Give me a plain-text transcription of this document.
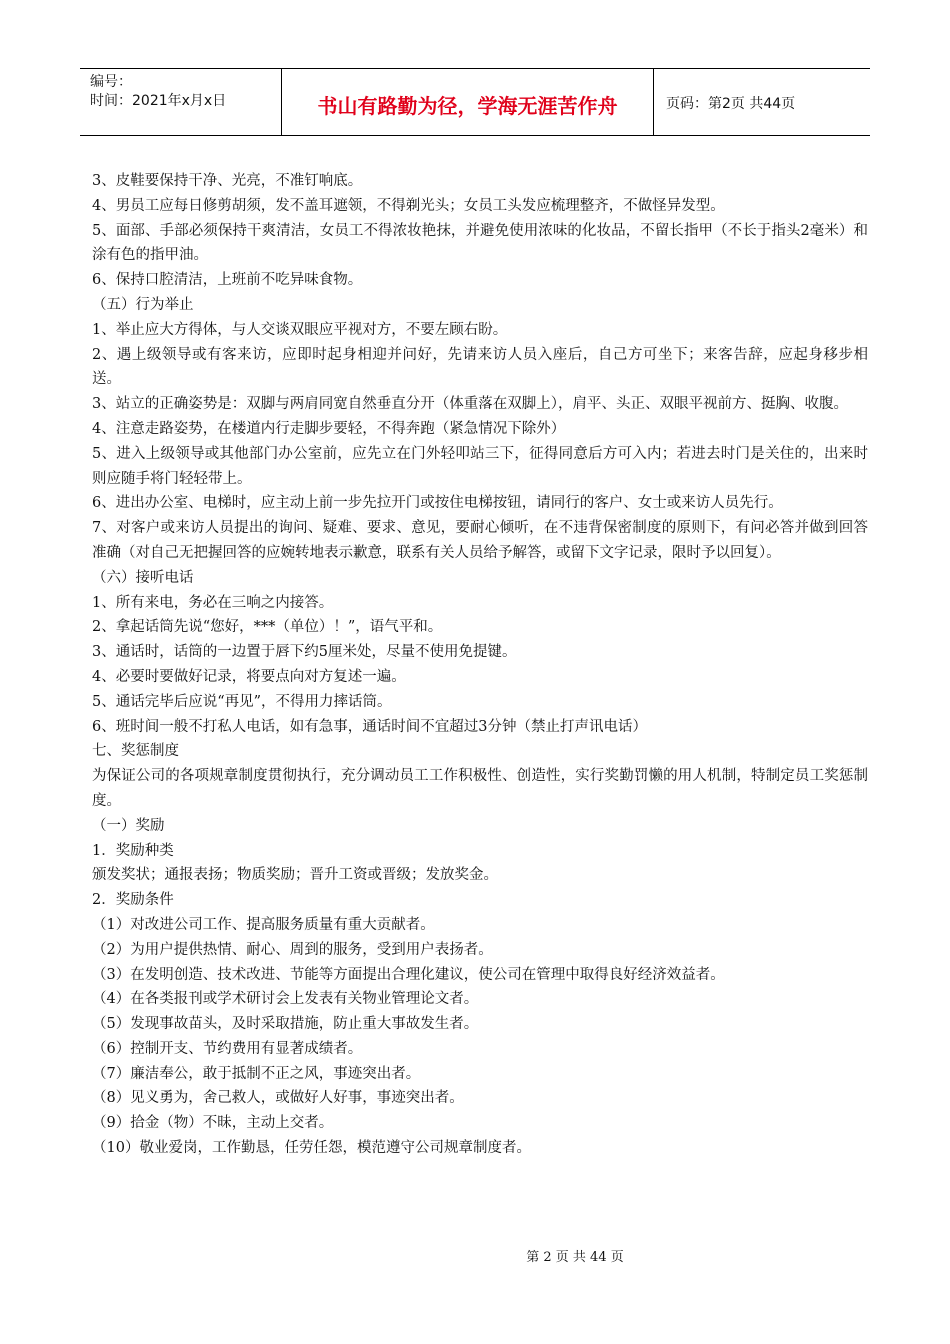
编号：
时间：2021年x月x日	书山有路勤为径，学海无涯苦作舟	页码：第2页 共44页

3、皮鞋要保持干净、光亮，不准钉响底。

4、男员工应每日修剪胡须，发不盖耳遮领，不得剃光头；女员工头发应梳理整齐，不做怪异发型。

5、面部、手部必须保持干爽清洁，女员工不得浓妆艳抹，并避免使用浓味的化妆品，不留长指甲（不长于指头2毫米）和涂有色的指甲油。

6、保持口腔清洁，上班前不吃异味食物。

（五）行为举止

1、举止应大方得体，与人交谈双眼应平视对方，不要左顾右盼。

2、遇上级领导或有客来访，应即时起身相迎并问好，先请来访人员入座后，自己方可坐下；来客告辞，应起身移步相送。

3、站立的正确姿势是：双脚与两肩同宽自然垂直分开（体重落在双脚上），肩平、头正、双眼平视前方、挺胸、收腹。

4、注意走路姿势，在楼道内行走脚步要轻，不得奔跑（紧急情况下除外）

5、进入上级领导或其他部门办公室前，应先立在门外轻叩站三下，征得同意后方可入内；若进去时门是关住的，出来时则应随手将门轻轻带上。

6、进出办公室、电梯时，应主动上前一步先拉开门或按住电梯按钮，请同行的客户、女士或来访人员先行。

7、对客户或来访人员提出的询问、疑难、要求、意见，要耐心倾听，在不违背保密制度的原则下，有问必答并做到回答准确（对自己无把握回答的应婉转地表示歉意，联系有关人员给予解答，或留下文字记录，限时予以回复）。

（六）接听电话

1、所有来电，务必在三响之内接答。

2、拿起话筒先说“您好，***（单位）！”，语气平和。

3、通话时，话筒的一边置于唇下约5厘米处，尽量不使用免提键。

4、必要时要做好记录，将要点向对方复述一遍。

5、通话完毕后应说“再见”，不得用力摔话筒。

6、班时间一般不打私人电话，如有急事，通话时间不宜超过3分钟（禁止打声讯电话）

七、奖惩制度

为保证公司的各项规章制度贯彻执行，充分调动员工工作积极性、创造性，实行奖勤罚懒的用人机制，特制定员工奖惩制度。

（一）奖励

1．奖励种类

颁发奖状；通报表扬；物质奖励；晋升工资或晋级；发放奖金。

2．奖励条件

（1）对改进公司工作、提高服务质量有重大贡献者。

（2）为用户提供热情、耐心、周到的服务，受到用户表扬者。

（3）在发明创造、技术改进、节能等方面提出合理化建议，使公司在管理中取得良好经济效益者。

（4）在各类报刊或学术研讨会上发表有关物业管理论文者。

（5）发现事故苗头，及时采取措施，防止重大事故发生者。

（6）控制开支、节约费用有显著成绩者。

（7）廉洁奉公，敢于抵制不正之风，事迹突出者。

（8）见义勇为，舍己救人，或做好人好事，事迹突出者。

（9）拾金（物）不昧，主动上交者。

（10）敬业爱岗，工作勤恳，任劳任怨，模范遵守公司规章制度者。

第 2 页 共 44 页
